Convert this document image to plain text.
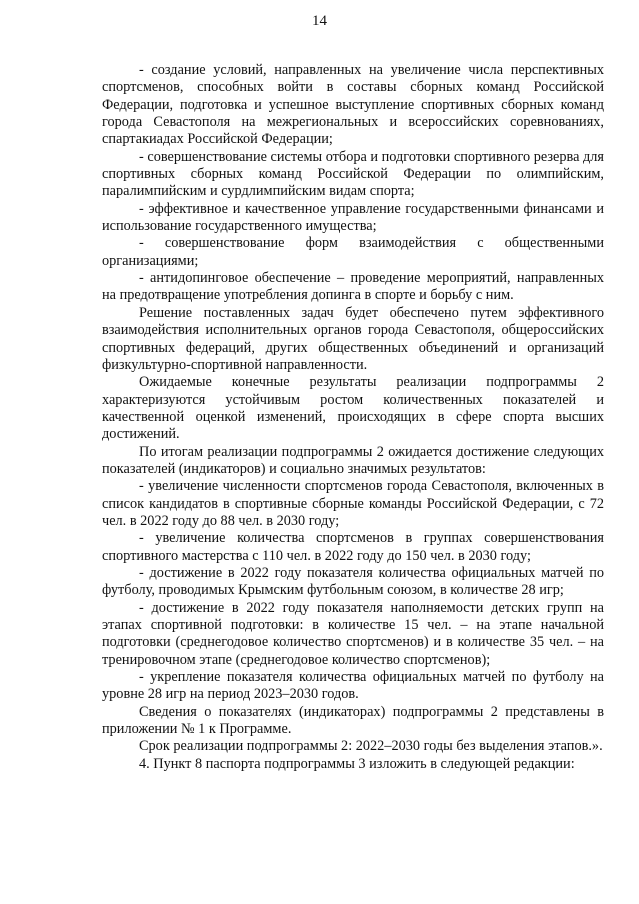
14

- создание условий, направленных на увеличение числа перспективных спортсменов, способных войти в составы сборных команд Российской Федерации, подготовка и успешное выступление спортивных сборных команд города Севастополя на межрегиональных и всероссийских соревнованиях, спартакиадах Российской Федерации;

- совершенствование системы отбора и подготовки спортивного резерва для спортивных сборных команд Российской Федерации по олимпийским, паралимпийским и сурдлимпийским видам спорта;

- эффективное и качественное управление государственными финансами и использование государственного имущества;

- совершенствование форм взаимодействия с общественными организациями;

- антидопинговое обеспечение – проведение мероприятий, направленных на предотвращение употребления допинга в спорте и борьбу с ним.

Решение поставленных задач будет обеспечено путем эффективного взаимодействия исполнительных органов города Севастополя, общероссийских спортивных федераций, других общественных объединений и организаций физкультурно-спортивной направленности.

Ожидаемые конечные результаты реализации подпрограммы 2 характеризуются устойчивым ростом количественных показателей и качественной оценкой изменений, происходящих в сфере спорта высших достижений.

По итогам реализации подпрограммы 2 ожидается достижение следующих показателей (индикаторов) и социально значимых результатов:

- увеличение численности спортсменов города Севастополя, включенных в список кандидатов в спортивные сборные команды Российской Федерации, с 72 чел. в 2022 году до 88 чел. в 2030 году;

- увеличение количества спортсменов в группах совершенствования спортивного мастерства с 110 чел. в 2022 году до 150 чел. в 2030 году;

- достижение в 2022 году показателя количества официальных матчей по футболу, проводимых Крымским футбольным союзом, в количестве 28 игр;

- достижение в 2022 году показателя наполняемости детских групп на этапах спортивной подготовки: в количестве 15 чел. – на этапе начальной подготовки (среднегодовое количество спортсменов) и в количестве 35 чел. – на тренировочном этапе (среднегодовое количество спортсменов);

- укрепление показателя количества официальных матчей по футболу на уровне 28 игр на период 2023–2030 годов.

Сведения о показателях (индикаторах) подпрограммы 2 представлены в приложении № 1 к Программе.

Срок реализации подпрограммы 2: 2022–2030 годы без выделения этапов.».

4. Пункт 8 паспорта подпрограммы 3 изложить в следующей редакции:
